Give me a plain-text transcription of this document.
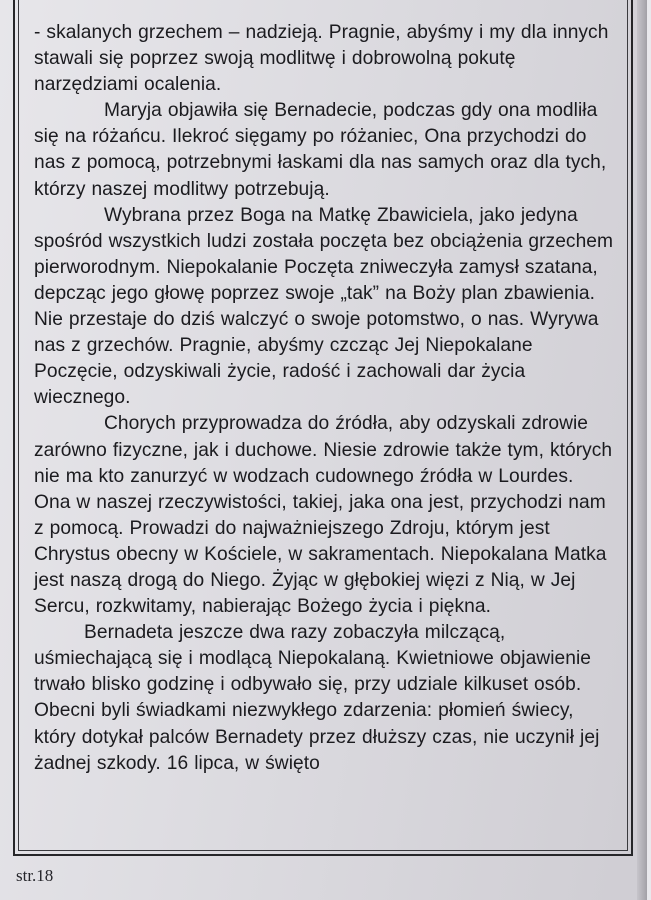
- skalanych grzechem – nadzieją. Pragnie, abyśmy i my dla innych stawali się poprzez swoją modlitwę i dobrowolną pokutę narzędziami ocalenia.

Maryja objawiła się Bernadecie, podczas gdy ona modliła się na różańcu. Ilekroć sięgamy po różaniec, Ona przychodzi do nas z pomocą, potrzebnymi łaskami dla nas samych oraz dla tych, którzy naszej modlitwy potrzebują.

Wybrana przez Boga na Matkę Zbawiciela, jako jedyna spośród wszystkich ludzi została poczęta bez obciążenia grzechem pierworodnym. Niepokalanie Poczęta zniweczyła zamysł szatana, depcząc jego głowę poprzez swoje „tak” na Boży plan zbawienia. Nie przestaje do dziś walczyć o swoje potomstwo, o nas. Wyrywa nas z grzechów. Pragnie, abyśmy czcząc Jej Niepokalane Poczęcie, odzyskiwali życie, radość i zachowali dar życia wiecznego.

Chorych przyprowadza do źródła, aby odzyskali zdrowie zarówno fizyczne, jak i duchowe. Niesie zdrowie także tym, których nie ma kto zanurzyć w wodzach cudownego źródła w Lourdes. Ona w naszej rzeczywistości, takiej, jaka ona jest, przychodzi nam z pomocą. Prowadzi do najważniejszego Zdroju, którym jest Chrystus obecny w Kościele, w sakramentach. Niepokalana Matka jest naszą drogą do Niego. Żyjąc w głębokiej więzi z Nią, w Jej Sercu, rozkwitamy, nabierając Bożego życia i piękna.

Bernadeta jeszcze dwa razy zobaczyła milczącą, uśmiechającą się i modlącą Niepokalaną. Kwietniowe objawienie trwało blisko godzinę i odbywało się, przy udziale kilkuset osób. Obecni byli świadkami niezwykłego zdarzenia: płomień świecy, który dotykał palców Bernadety przez dłuższy czas, nie uczynił jej żadnej szkody. 16 lipca, w święto

str.18
